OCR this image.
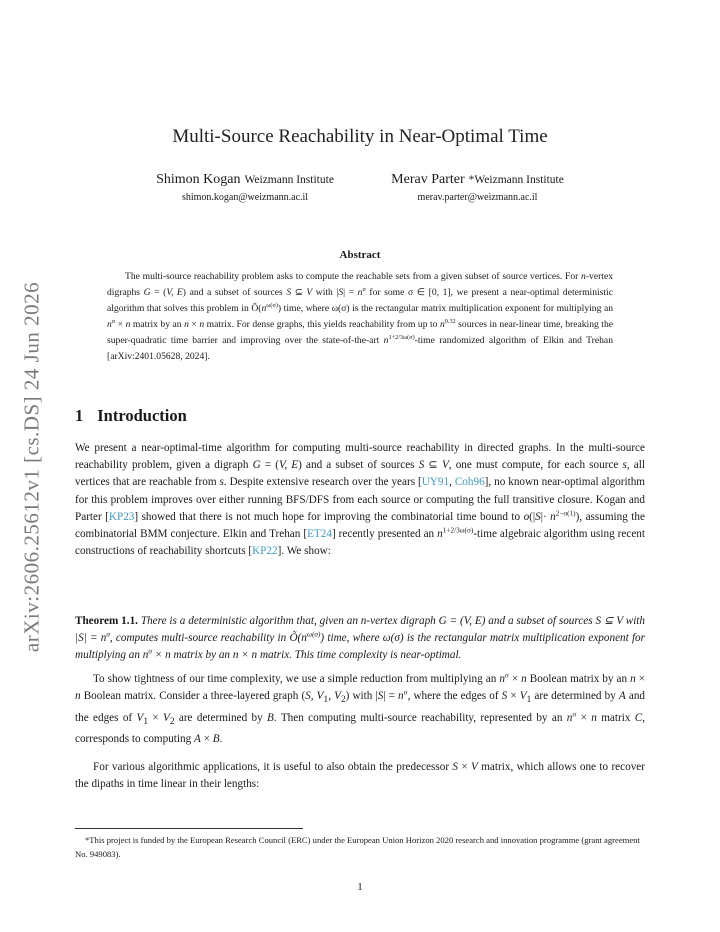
arXiv:2606.25612v1 [cs.DS] 24 Jun 2026
Multi-Source Reachability in Near-Optimal Time
Shimon Kogan Weizmann Institute
shimon.kogan@weizmann.ac.il
Merav Parter *Weizmann Institute
merav.parter@weizmann.ac.il
Abstract
The multi-source reachability problem asks to compute the reachable sets from a given subset of source vertices. For n-vertex digraphs G = (V, E) and a subset of sources S ⊆ V with $|S| = n^\sigma$ for some σ ∈ [0, 1], we present a near-optimal deterministic algorithm that solves this problem in $Õ(n^{\omega(\sigma)})$ time, where ω(σ) is the rectangular matrix multiplication exponent for multiplying an $n^\sigma \times n$ matrix by an n × n matrix. For dense graphs, this yields reachability from up to $n^{0.32}$ sources in near-linear time, breaking the super-quadratic time barrier and improving over the state-of-the-art $n^{1+2/3\omega(\sigma)}$-time randomized algorithm of Elkin and Trehan [arXiv:2401.05628, 2024].
1 Introduction
We present a near-optimal-time algorithm for computing multi-source reachability in directed graphs. In the multi-source reachability problem, given a digraph G = (V, E) and a subset of sources S ⊆ V, one must compute, for each source s, all vertices that are reachable from s. Despite extensive research over the years [UY91, Coh96], no known near-optimal algorithm for this problem improves over either running BFS/DFS from each source or computing the full transitive closure. Kogan and Parter [KP23] showed that there is not much hope for improving the combinatorial time bound to $o(|S|\cdot n^{2-o(1)})$, assuming the combinatorial BMM conjecture. Elkin and Trehan [ET24] recently presented an $n^{1+2/3\omega(\sigma)}$-time algebraic algorithm using recent constructions of reachability shortcuts [KP22]. We show:
Theorem 1.1. There is a deterministic algorithm that, given an n-vertex digraph G = (V, E) and a subset of sources S ⊆ V with $|S| = n^\sigma$, computes multi-source reachability in $Õ(n^{\omega(\sigma)})$ time, where ω(σ) is the rectangular matrix multiplication exponent for multiplying an $n^\sigma \times n$ matrix by an n × n matrix. This time complexity is near-optimal.
To show tightness of our time complexity, we use a simple reduction from multiplying an $n^\sigma \times n$ Boolean matrix by an n × n Boolean matrix. Consider a three-layered graph (S, $V_1$, $V_2$) with $|S| = n^\sigma$, where the edges of $S \times V_1$ are determined by A and the edges of $V_1 \times V_2$ are determined by B. Then computing multi-source reachability, represented by an $n^\sigma \times n$ matrix C, corresponds to computing A × B.
For various algorithmic applications, it is useful to also obtain the predecessor S × V matrix, which allows one to recover the dipaths in time linear in their lengths:
*This project is funded by the European Research Council (ERC) under the European Union Horizon 2020 research and innovation programme (grant agreement No. 949083).
1
